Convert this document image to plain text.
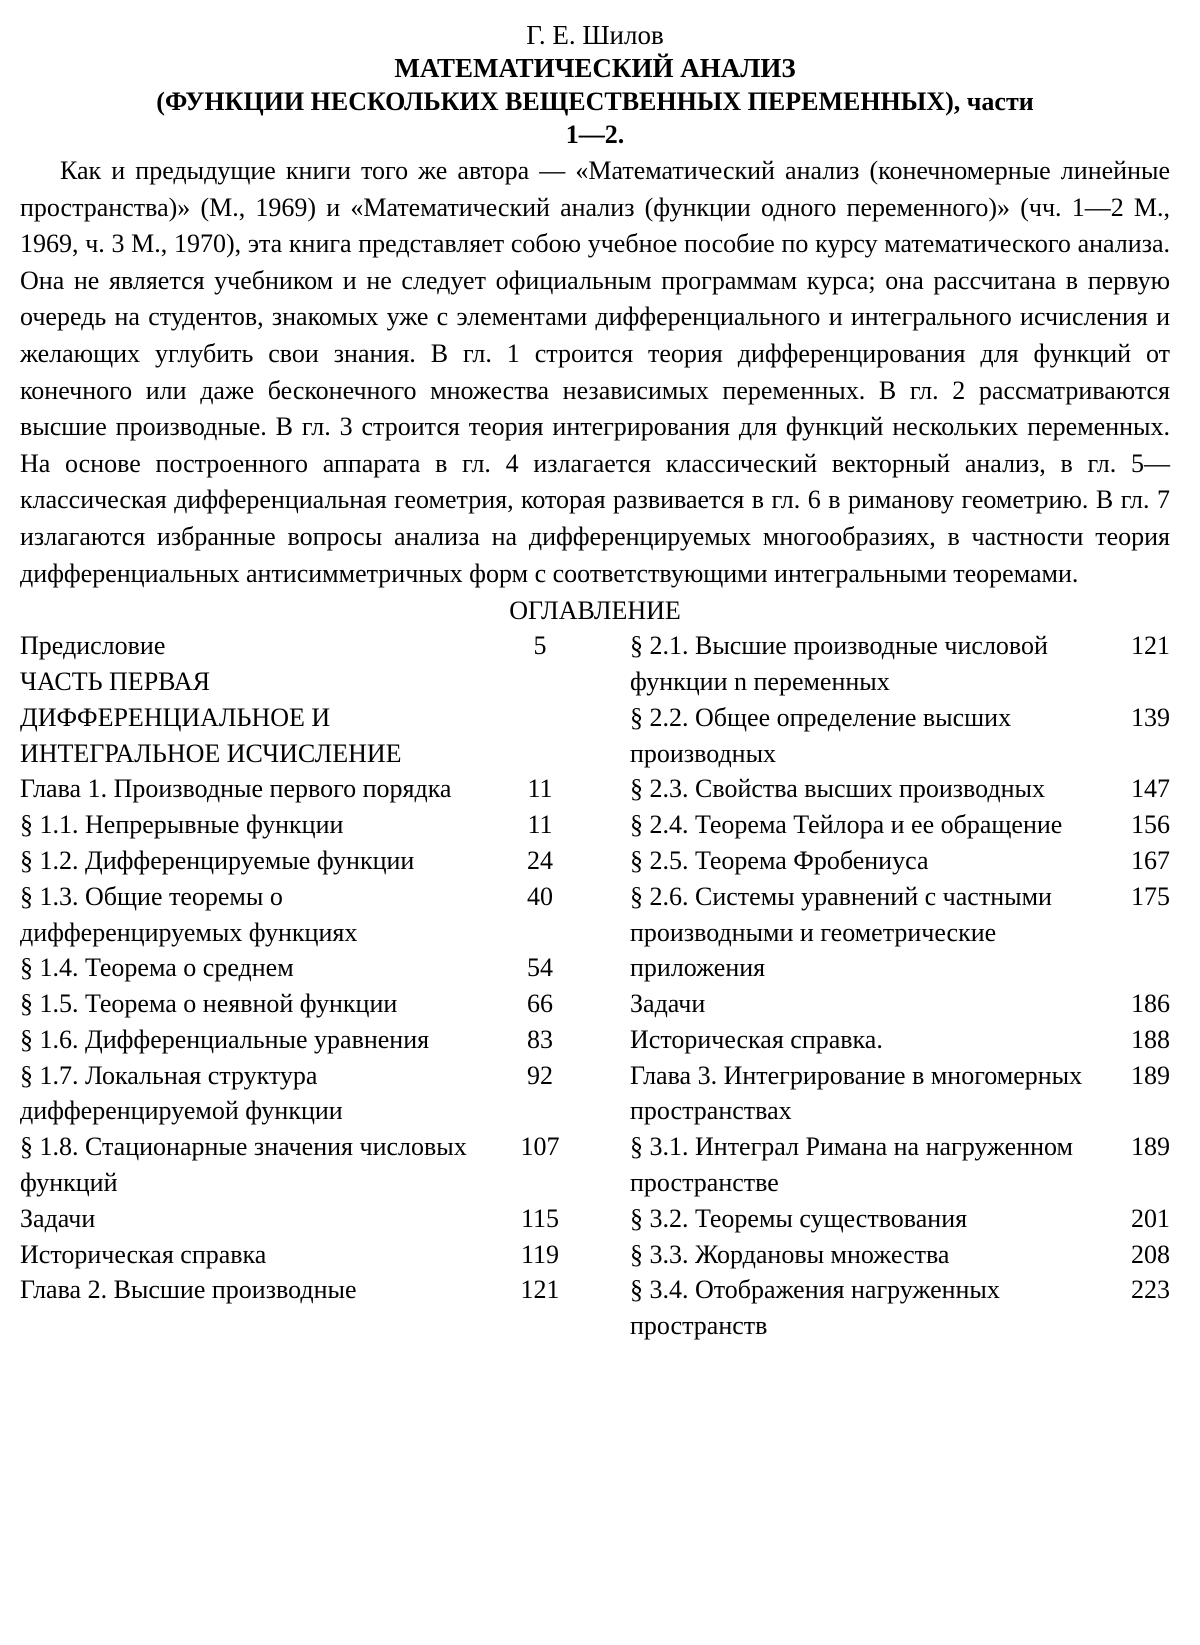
Г. Е. Шилов

МАТЕМАТИЧЕСКИЙ АНАЛИЗ

(ФУНКЦИИ НЕСКОЛЬКИХ ВЕЩЕСТВЕННЫХ ПЕРЕМЕННЫХ), части

1—2.

Как и предыдущие книги того же автора — «Математический анализ (конечномерные линейные пространства)» (М., 1969) и «Математический анализ (функции одного переменного)» (чч. 1—2 М., 1969, ч. 3 М., 1970), эта книга представляет собою учебное пособие по курсу математического анализа. Она не является учебником и не следует официальным программам курса; она рассчитана в первую очередь на студентов, знакомых уже с элементами дифференциального и интегрального исчисления и желающих углубить свои знания. В гл. 1 строится теория дифференцирования для функций от конечного или даже бесконечного множества независимых переменных. В гл. 2 рассматриваются высшие производные. В гл. 3 строится теория интегрирования для функций нескольких переменных. На основе построенного аппарата в гл. 4 излагается классический векторный анализ, в гл. 5—классическая дифференциальная геометрия, которая развивается в гл. 6 в риманову геометрию. В гл. 7 излагаются избранные вопросы анализа на дифференцируемых многообразиях, в частности теория дифференциальных антисимметричных форм с соответствующими интегральными теоремами.

ОГЛАВЛЕНИЕ

Предисловие	5
ЧАСТЬ ПЕРВАЯ ДИФФЕРЕНЦИАЛЬНОЕ И ИНТЕГРАЛЬНОЕ ИСЧИСЛЕНИЕ
Глава 1. Производные первого порядка	11
§ 1.1. Непрерывные функции	11
§ 1.2. Дифференцируемые функции	24
§ 1.3. Общие теоремы о дифференцируемых функциях
40
§ 1.4. Теорема о среднем	54
§ 1.5. Теорема о неявной функции	66
§ 1.6. Дифференциальные уравнения	83
§ 1.7. Локальная структура дифференцируемой функции
92
§ 1.8. Стационарные значения числовых функций
107
Задачи	115
Историческая справка	119
Глава 2. Высшие производные	121
§ 2.1. Высшие производные числовой функции n переменных
121
§ 2.2. Общее определение высших производных
139
§ 2.3. Свойства высших производных	147
§ 2.4. Теорема Тейлора и ее обращение	156
§ 2.5. Теорема Фробениуса	167
§ 2.6. Системы уравнений с частными производными и геометрические приложения
175
Задачи	186
Историческая справка.	188
Глава 3. Интегрирование в многомерных пространствах
189
§ 3.1. Интеграл Римана на нагруженном пространстве
189
§ 3.2. Теоремы существования	201
§ 3.3. Жордановы множества	208
§ 3.4. Отображения нагруженных пространств
223
